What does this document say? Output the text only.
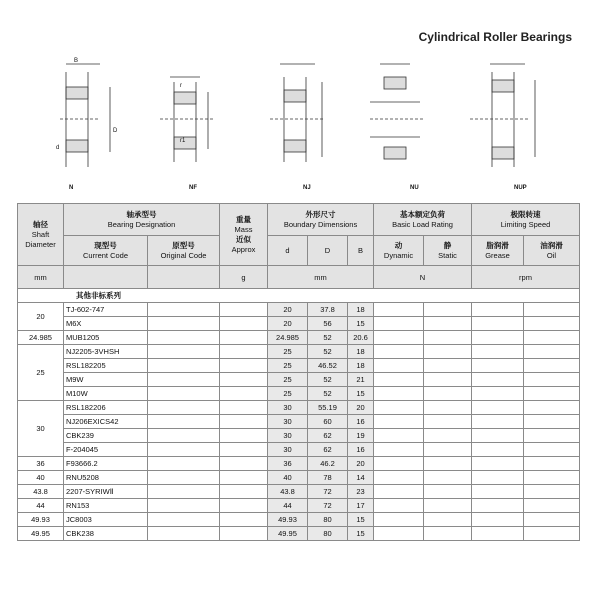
Cylindrical Roller Bearings
B
d
D
r
r1
N	NF	NJ	NU	NUP
轴径
Shaft
Diameter	轴承型号
Bearing Designation		重量
Mass

近似
Approx	外形尺寸
Boundary Dimensions			基本额定负荷
Basic Load Rating		极限转速
Limiting Speed	

	现型号
Current Code	原型号
Original Code		d	D	B	动
Dynamic	静
Static	脂润滑
Grease	油润滑
Oil
mm			g	mm			N		rpm	
其他非标系列										
20	TJ-602-747			20	37.8	18				
	M6X			20	56	15				
24.985	MUB1205			24.985	52	20.6				
25	NJ2205-3VHSH			25	52	18				
	RSL182205			25	46.52	18				
	M9W			25	52	21				
	M10W			25	52	15				
30	RSL182206			30	55.19	20				
	NJ206EXICS42			30	60	16				
	CBK239			30	62	19				
	F-204045			30	62	16				
36	F93666.2			36	46.2	20				
40	RNU5208			40	78	14				
43.8	2207-SYRIWⅡ			43.8	72	23				
44	RN153			44	72	17				
49.93	JC8003			49.93	80	15				
49.95	CBK238			49.95	80	15				
